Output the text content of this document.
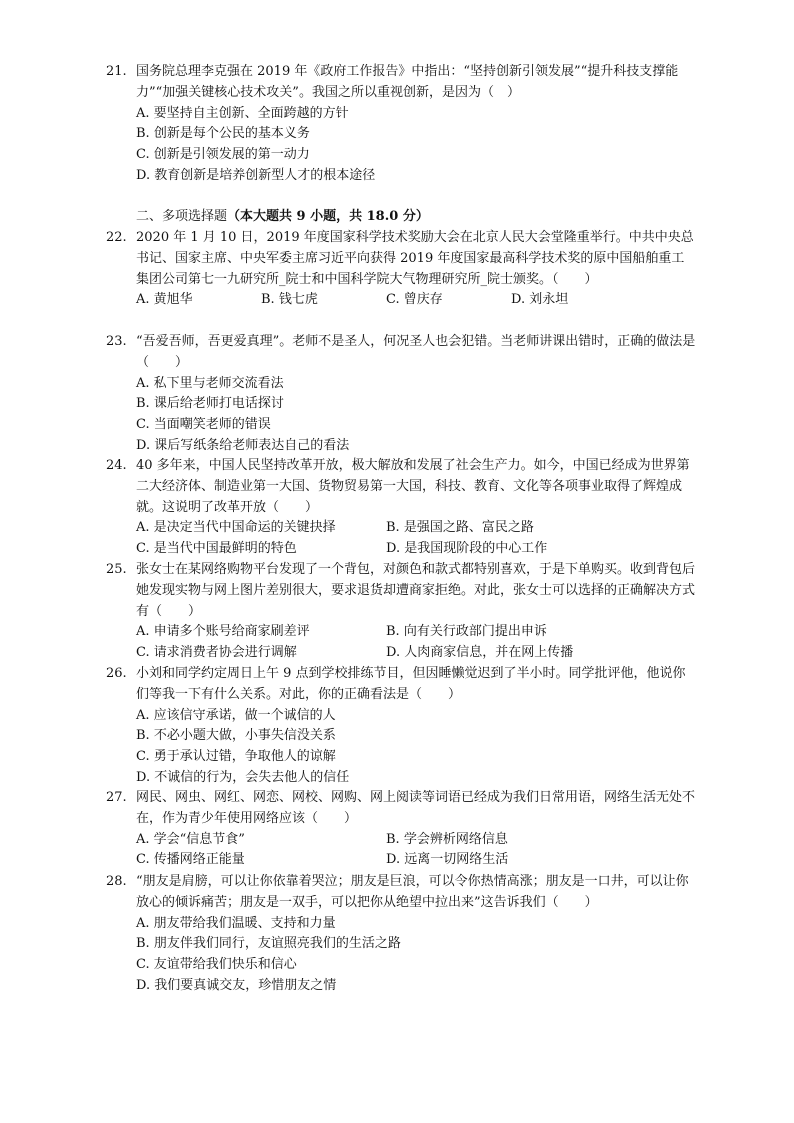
21. 国务院总理李克强在 2019 年《政府工作报告》中指出：“坚持创新引领发展”“提升科技支撑能力”“加强关键核心技术攻关”。我国之所以重视创新，是因为（　）
A. 要坚持自主创新、全面跨越的方针
B. 创新是每个公民的基本义务
C. 创新是引领发展的第一动力
D. 教育创新是培养创新型人才的根本途径
二、多项选择题（本大题共 9 小题，共 18.0 分）
22. 2020 年 1 月 10 日，2019 年度国家科学技术奖励大会在北京人民大会堂隆重举行。中共中央总书记、国家主席、中央军委主席习近平向获得 2019 年度国家最高科学技术奖的原中国船舶重工集团公司第七一九研究所_院士和中国科学院大气物理研究所_院士颁奖。（　　）
A. 黄旭华	B. 钱七虎	C. 曾庆存	D. 刘永坦
23. “吾爱吾师，吾更爱真理”。老师不是圣人，何况圣人也会犯错。当老师讲课出错时，正确的做法是（　　）
A. 私下里与老师交流看法
B. 课后给老师打电话探讨
C. 当面嘲笑老师的错误
D. 课后写纸条给老师表达自己的看法
24. 40 多年来，中国人民坚持改革开放，极大解放和发展了社会生产力。如今，中国已经成为世界第二大经济体、制造业第一大国、货物贸易第一大国，科技、教育、文化等各项事业取得了辉煌成就。这说明了改革开放（　　）
A. 是决定当代中国命运的关键抉择	B. 是强国之路、富民之路
C. 是当代中国最鲜明的特色	D. 是我国现阶段的中心工作
25. 张女士在某网络购物平台发现了一个背包，对颜色和款式都特别喜欢，于是下单购买。收到背包后她发现实物与网上图片差别很大，要求退货却遭商家拒绝。对此，张女士可以选择的正确解决方式有（　　）
A. 申请多个账号给商家刷差评	B. 向有关行政部门提出申诉
C. 请求消费者协会进行调解	D. 人肉商家信息，并在网上传播
26. 小刘和同学约定周日上午 9 点到学校排练节目，但因睡懒觉迟到了半小时。同学批评他，他说你们等我一下有什么关系。对此，你的正确看法是（　　）
A. 应该信守承诺，做一个诚信的人
B. 不必小题大做，小事失信没关系
C. 勇于承认过错，争取他人的谅解
D. 不诚信的行为，会失去他人的信任
27. 网民、网虫、网红、网恋、网校、网购、网上阅读等词语已经成为我们日常用语，网络生活无处不在，作为青少年使用网络应该（　　）
A. 学会“信息节食”	B. 学会辨析网络信息
C. 传播网络正能量	D. 远离一切网络生活
28. “朋友是肩膀，可以让你依靠着哭泣；朋友是巨浪，可以令你热情高涨；朋友是一口井，可以让你放心的倾诉痛苦；朋友是一双手，可以把你从绝望中拉出来”这告诉我们（　　）
A. 朋友带给我们温暖、支持和力量
B. 朋友伴我们同行，友谊照亮我们的生活之路
C. 友谊带给我们快乐和信心
D. 我们要真诚交友，珍惜朋友之情
